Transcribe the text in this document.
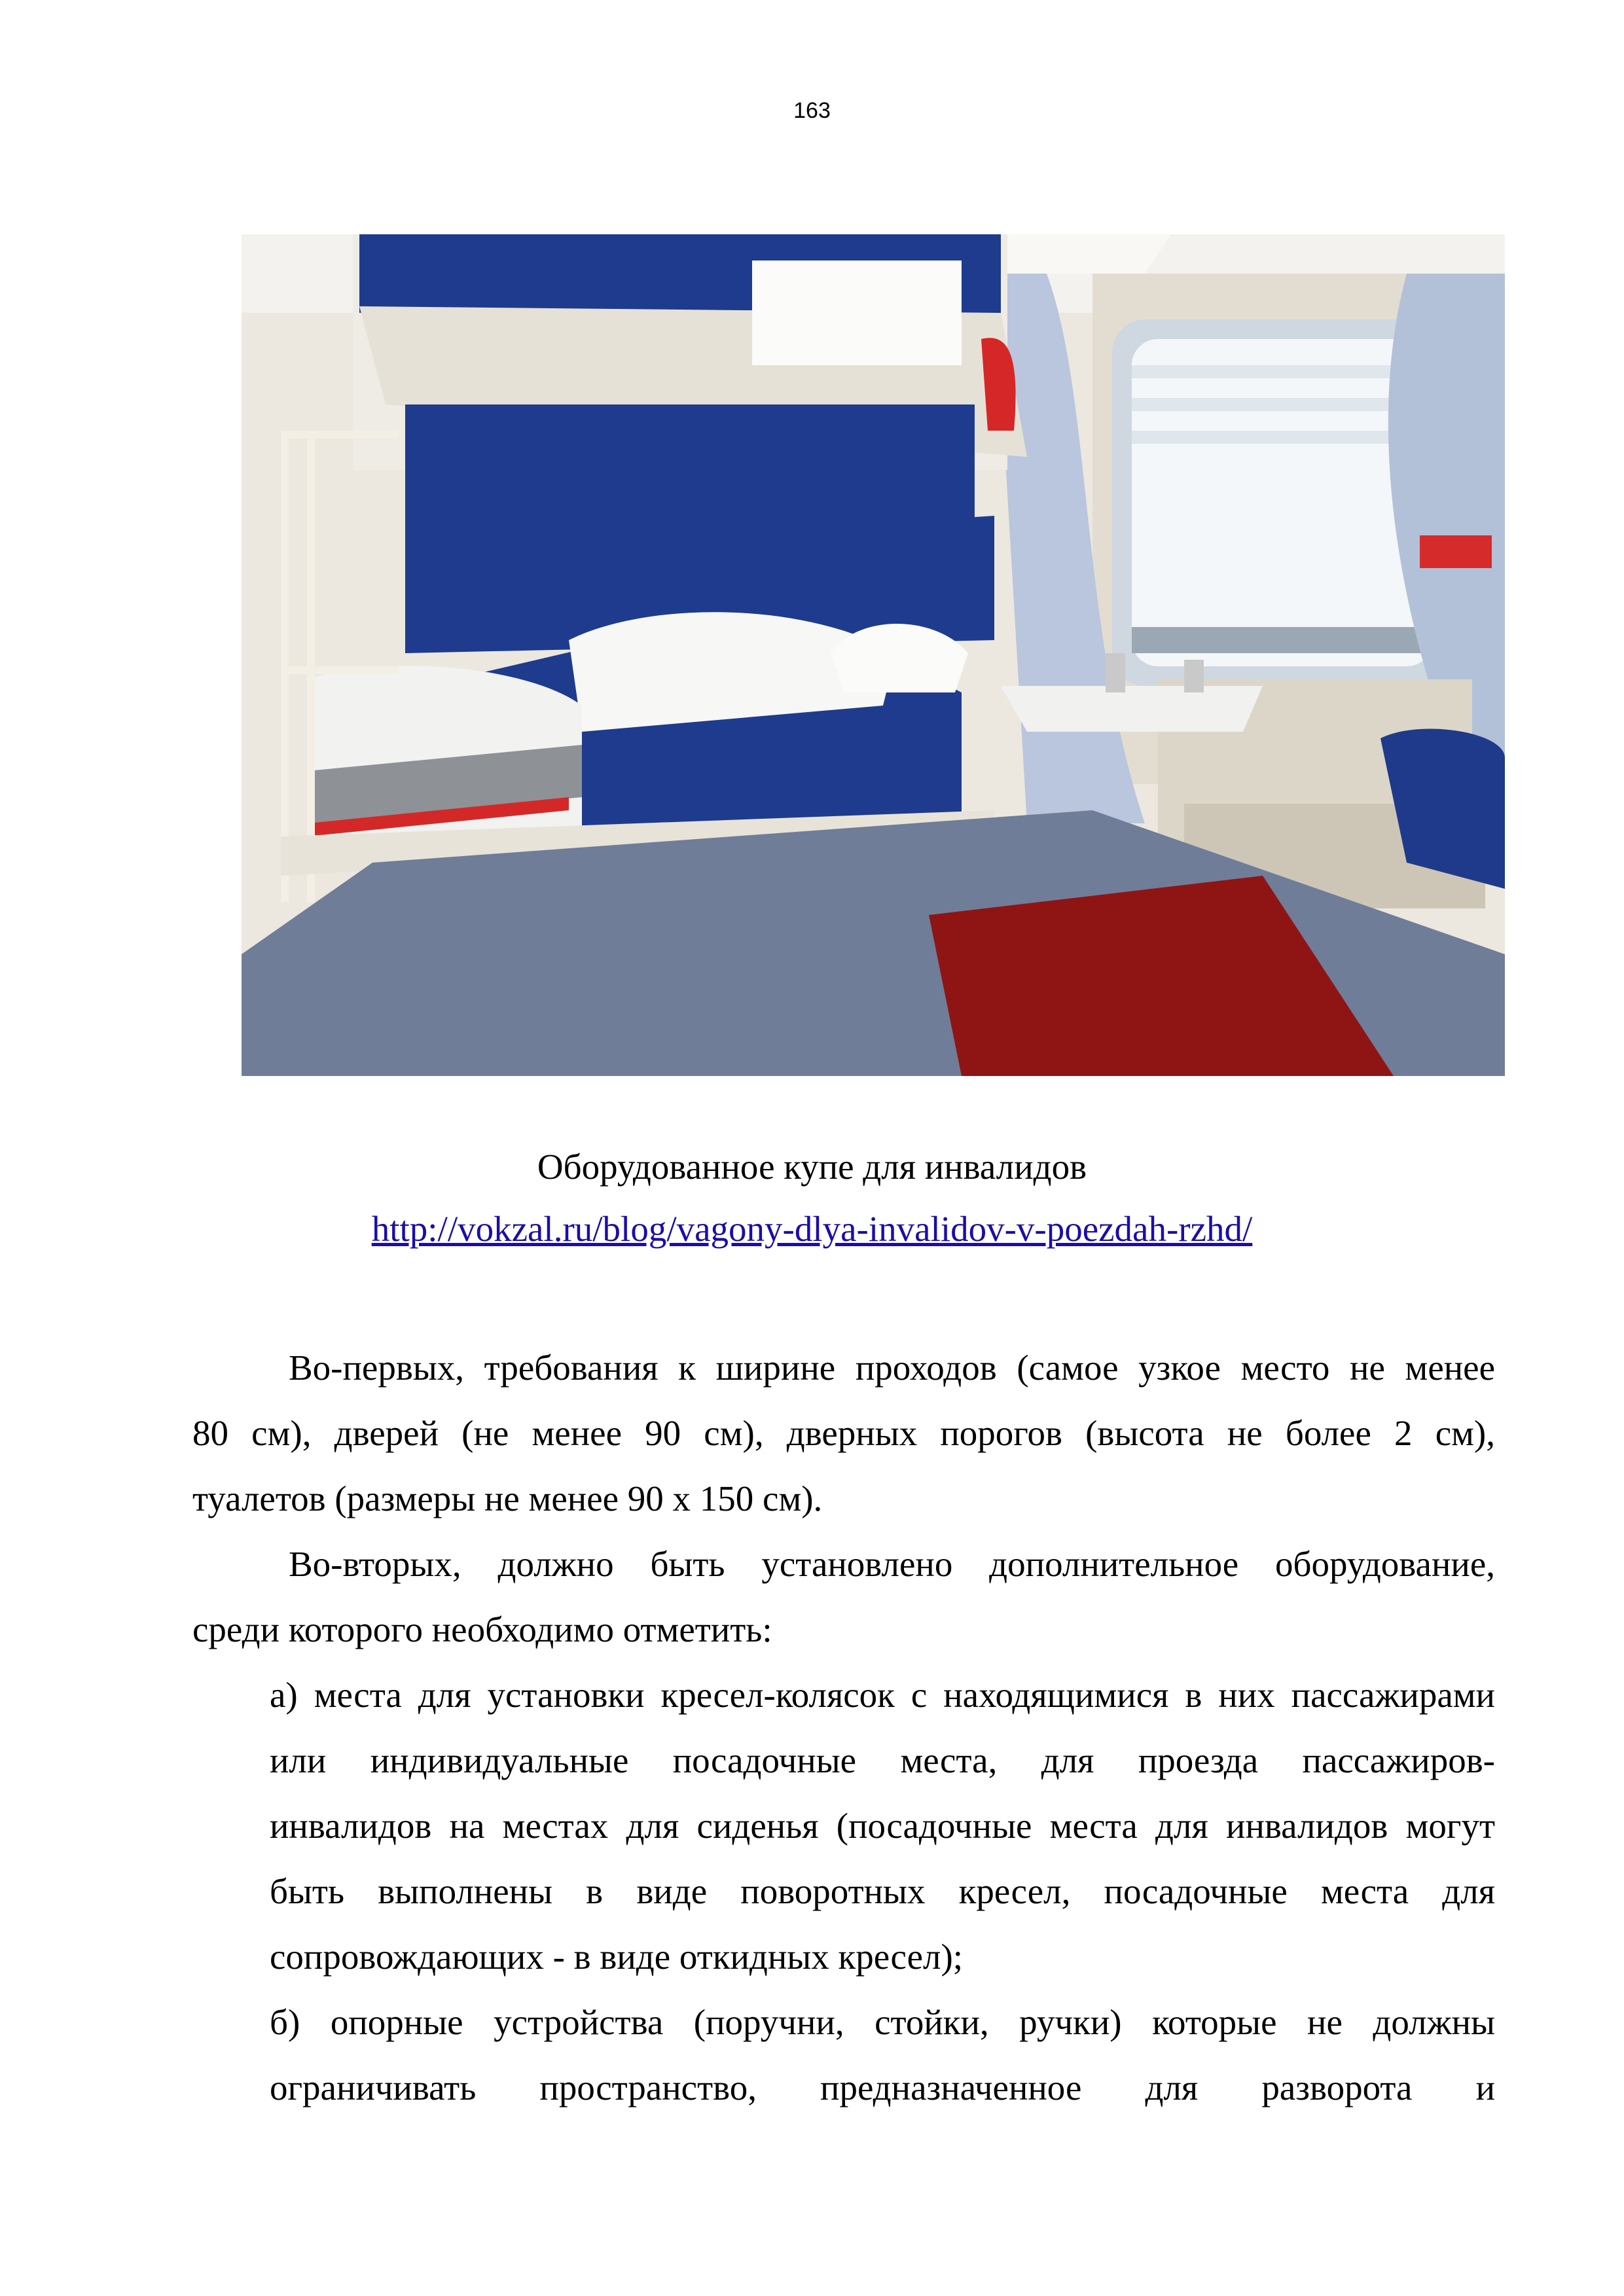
163
Оборудованное купе для инвалидов
http://vokzal.ru/blog/vagony-dlya-invalidov-v-poezdah-rzhd/
Во-первых, требования к ширине проходов (самое узкое место не менее
80 см), дверей (не менее 90 см), дверных порогов (высота не более 2 см),
туалетов (размеры не менее 90 х 150 см).
Во-вторых, должно быть установлено дополнительное оборудование,
среди которого необходимо отметить:
а) места для установки кресел-колясок с находящимися в них пассажирами
или индивидуальные посадочные места, для проезда пассажиров-
инвалидов на местах для сиденья (посадочные места для инвалидов могут
быть выполнены в виде поворотных кресел, посадочные места для
сопровождающих - в виде откидных кресел);
б) опорные устройства (поручни, стойки, ручки) которые не должны
ограничивать пространство, предназначенное для разворота и
